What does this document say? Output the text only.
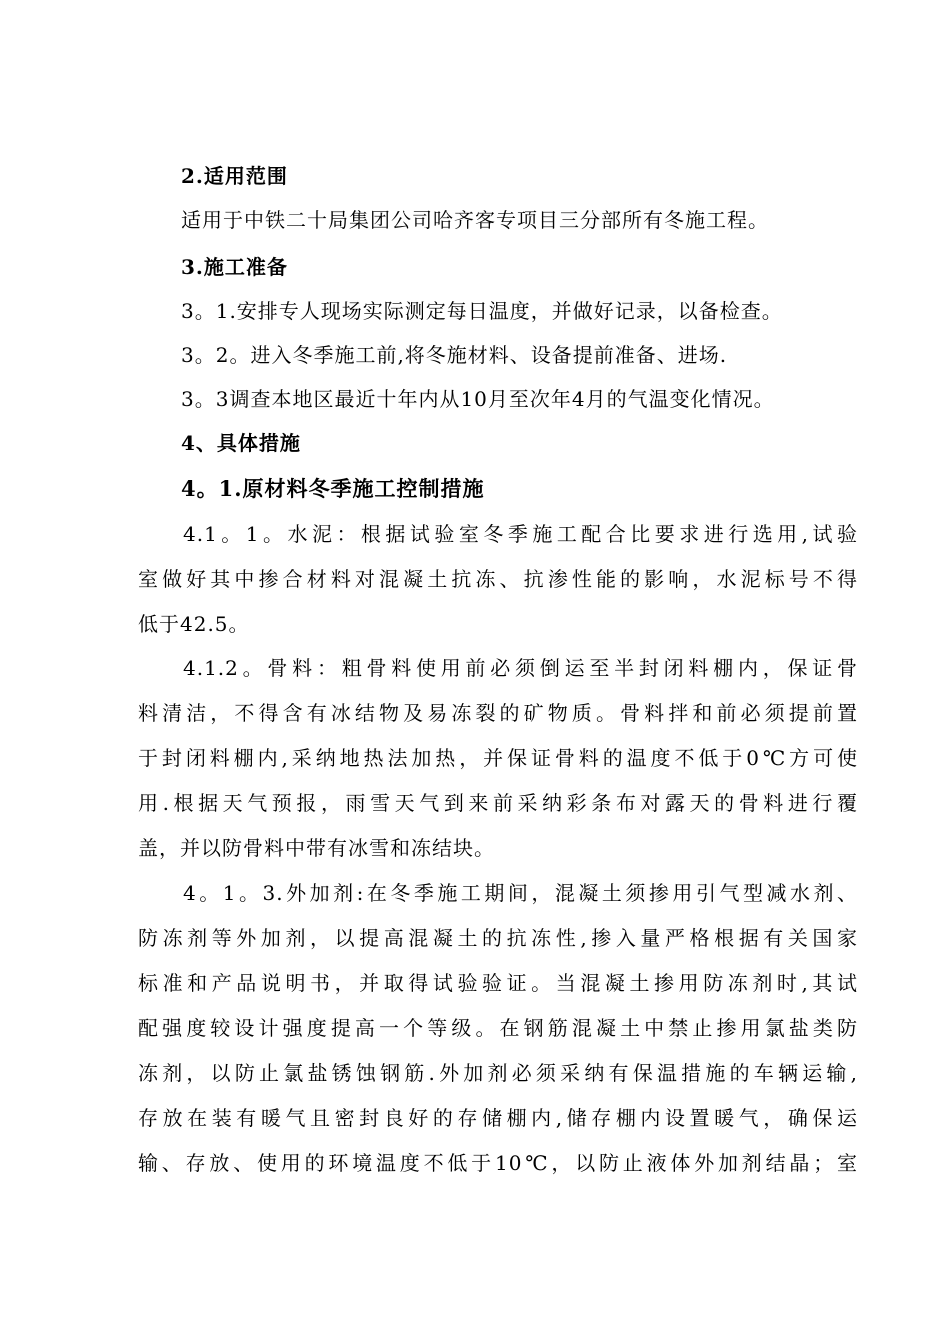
2.适用范围
适用于中铁二十局集团公司哈齐客专项目三分部所有冬施工程。
3.施工准备
3。1.安排专人现场实际测定每日温度，并做好记录，以备检查。
3。2。进入冬季施工前,将冬施材料、设备提前准备、进场.
3。3调查本地区最近十年内从10月至次年4月的气温变化情况。
4、具体措施
4。1.原材料冬季施工控制措施
4.1。1。水泥：根据试验室冬季施工配合比要求进行选用,试验
室做好其中掺合材料对混凝土抗冻、抗渗性能的影响，水泥标号不得
低于42.5。
4.1.2。骨料：粗骨料使用前必须倒运至半封闭料棚内，保证骨
料清洁，不得含有冰结物及易冻裂的矿物质。骨料拌和前必须提前置
于封闭料棚内,采纳地热法加热，并保证骨料的温度不低于0℃方可使
用.根据天气预报，雨雪天气到来前采纳彩条布对露天的骨料进行覆
盖，并以防骨料中带有冰雪和冻结块。
4。1。3.外加剂:在冬季施工期间，混凝土须掺用引气型减水剂、
防冻剂等外加剂，以提高混凝土的抗冻性,掺入量严格根据有关国家
标准和产品说明书，并取得试验验证。当混凝土掺用防冻剂时,其试
配强度较设计强度提高一个等级。在钢筋混凝土中禁止掺用氯盐类防
冻剂，以防止氯盐锈蚀钢筋.外加剂必须采纳有保温措施的车辆运输,
存放在装有暖气且密封良好的存储棚内,储存棚内设置暖气，确保运
输、存放、使用的环境温度不低于10℃，以防止液体外加剂结晶；室
